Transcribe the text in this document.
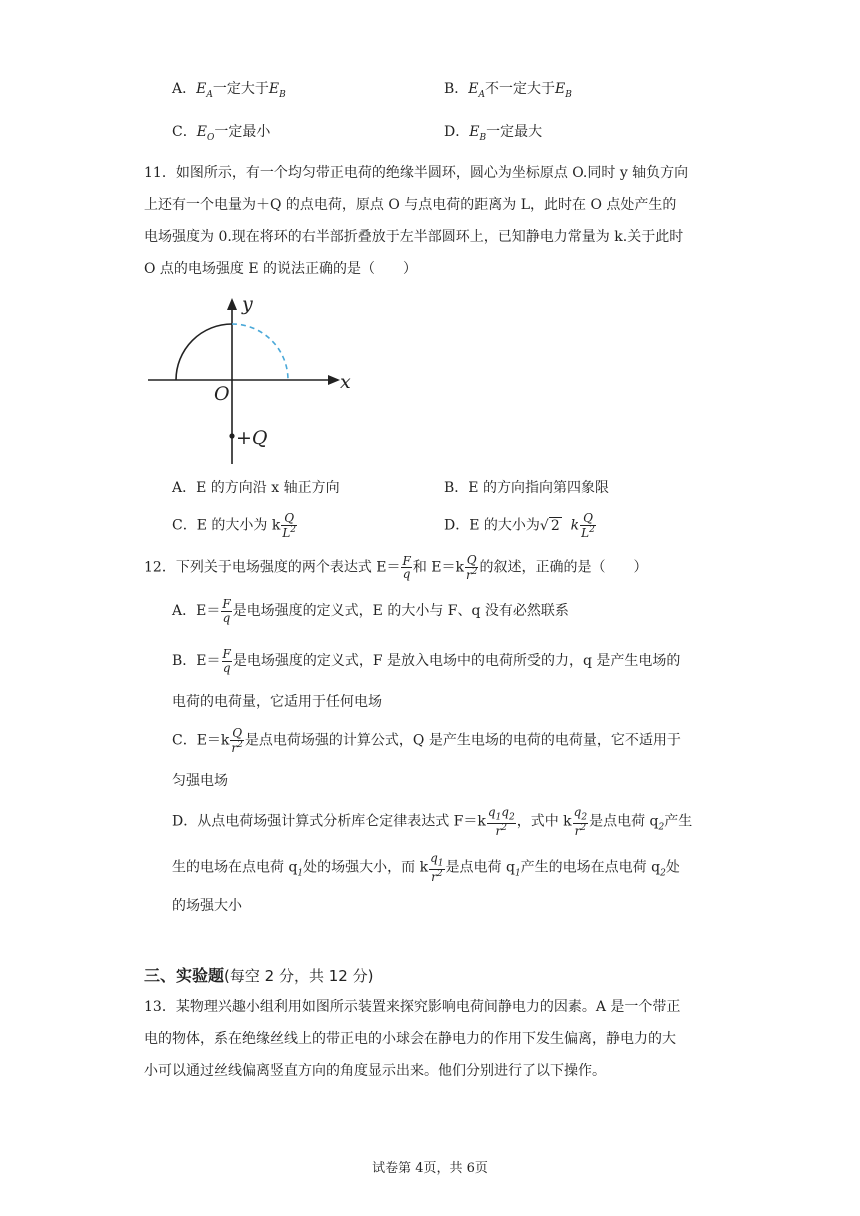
A．$E_A$一定大于$E_B$	B．$E_A$不一定大于$E_B$
C．$E_O$一定最小	D．$E_B$一定最大
11．如图所示，有一个均匀带正电荷的绝缘半圆环，圆心为坐标原点 O.同时 y 轴负方向
上还有一个电量为＋Q 的点电荷，原点 O 与点电荷的距离为 L，此时在 O 点处产生的
电场强度为 0.现在将环的右半部折叠放于左半部圆环上，已知静电力常量为 k.关于此时
O 点的电场强度 E 的说法正确的是（　　）
y
x
O
+Q
A．E 的方向沿 x 轴正方向	B．E 的方向指向第四象限
C．E 的大小为 k $\frac{Q}{L^2}$	D．E 的大小为√ 2 k $\frac{Q}{L^2}$
12．下列关于电场强度的两个表达式 $E= \frac{F}{q}$ 和 $E=k \frac{Q}{r^2}$ 的叙述，正确的是（　　）
A．$E= \frac{F}{q}$ 是电场强度的定义式，E 的大小与 F、q 没有必然联系
B．$E= \frac{F}{q}$ 是电场强度的定义式，F 是放入电场中的电荷所受的力，q 是产生电场的
电荷的电荷量，它适用于任何电场
C．$E=k \frac{Q}{r^2}$ 是点电荷场强的计算公式，Q 是产生电场的电荷的电荷量，它不适用于
匀强电场
D．从点电荷场强计算式分析库仑定律表达式 $F=k \frac{q_1q_2}{r^2}$ ，式中 k $\frac{q_2}{r^2}$ 是点电荷 $q_2$产生
生的电场在点电荷 $q_1$处的场强大小，而 k $\frac{q_1}{r^2}$ 是点电荷 $q_1$产生的电场在点电荷 $q_2$处
的场强大小
三、实验题(每空 2 分，共 12 分)
13．某物理兴趣小组利用如图所示装置来探究影响电荷间静电力的因素。A 是一个带正
电的物体，系在绝缘丝线上的带正电的小球会在静电力的作用下发生偏离，静电力的大
小可以通过丝线偏离竖直方向的角度显示出来。他们分别进行了以下操作。
试卷第 4页，共 6页
